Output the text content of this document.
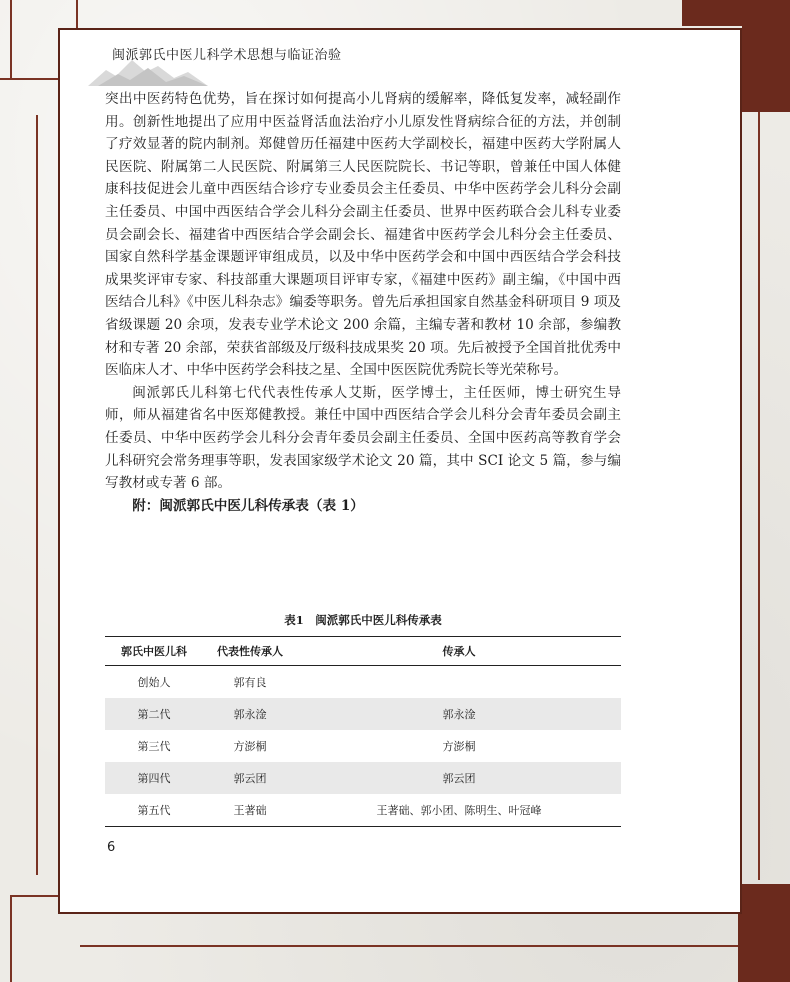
闽派郭氏中医儿科学术思想与临证治验

突出中医药特色优势，旨在探讨如何提高小儿肾病的缓解率，降低复发率，减轻副作用。创新性地提出了应用中医益肾活血法治疗小儿原发性肾病综合征的方法，并创制了疗效显著的院内制剂。郑健曾历任福建中医药大学副校长，福建中医药大学附属人民医院、附属第二人民医院、附属第三人民医院院长、书记等职，曾兼任中国人体健康科技促进会儿童中西医结合诊疗专业委员会主任委员、中华中医药学会儿科分会副主任委员、中国中西医结合学会儿科分会副主任委员、世界中医药联合会儿科专业委员会副会长、福建省中西医结合学会副会长、福建省中医药学会儿科分会主任委员、国家自然科学基金课题评审组成员，以及中华中医药学会和中国中西医结合学会科技成果奖评审专家、科技部重大课题项目评审专家，《福建中医药》副主编，《中国中西医结合儿科》《中医儿科杂志》编委等职务。曾先后承担国家自然基金科研项目 9 项及省级课题 20 余项，发表专业学术论文 200 余篇，主编专著和教材 10 余部，参编教材和专著 20 余部，荣获省部级及厅级科技成果奖 20 项。先后被授予全国首批优秀中医临床人才、中华中医药学会科技之星、全国中医医院优秀院长等光荣称号。

闽派郭氏儿科第七代代表性传承人艾斯，医学博士，主任医师，博士研究生导师，师从福建省名中医郑健教授。兼任中国中西医结合学会儿科分会青年委员会副主任委员、中华中医药学会儿科分会青年委员会副主任委员、全国中医药高等教育学会儿科研究会常务理事等职，发表国家级学术论文 20 篇，其中 SCI 论文 5 篇，参与编写教材或专著 6 部。

附：闽派郭氏中医儿科传承表（表 1）

表1　闽派郭氏中医儿科传承表
郭氏中医儿科	代表性传承人	传承人
创始人	郭有良	
第二代	郭永淦	郭永淦
第三代	方澎桐	方澎桐
第四代	郭云团	郭云团
第五代	王著础	王著础、郭小团、陈明生、叶冠峰
6
